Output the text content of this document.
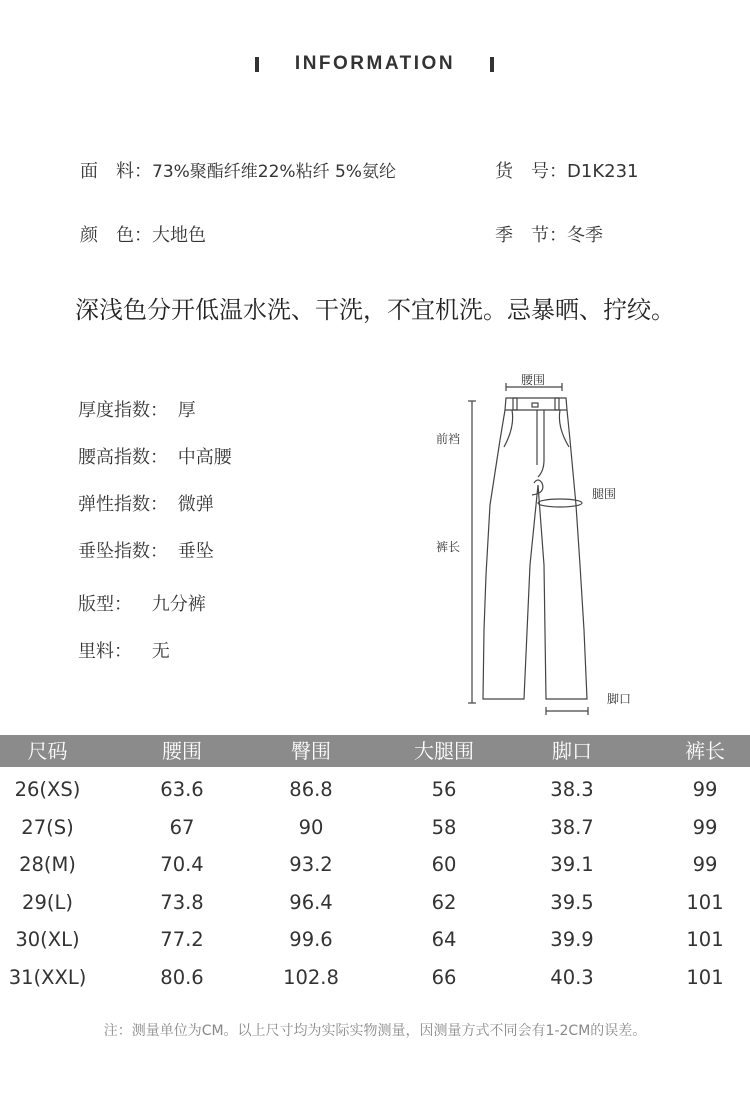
INFORMATION
面　料：73%聚酯纤维22%粘纤 5%氨纶	货　号：D1K231
颜　色：大地色	季　节：冬季
深浅色分开低温水洗、干洗，不宜机洗。忌暴晒、拧绞。
厚度指数： 厚
腰高指数： 中高腰
弹性指数： 微弹
垂坠指数： 垂坠
版型： 九分裤
里料： 无
腰围
腿围
前裆
裤长
脚口
尺码	腰围	臀围	大腿围	脚口	裤长
26(XS)	63.6	86.8	56	38.3	99
27(S)	67	90	58	38.7	99
28(M)	70.4	93.2	60	39.1	99
29(L)	73.8	96.4	62	39.5	101
30(XL)	77.2	99.6	64	39.9	101
31(XXL)	80.6	102.8	66	40.3	101
注：测量单位为CM。以上尺寸均为实际实物测量，因测量方式不同会有1-2CM的误差。
